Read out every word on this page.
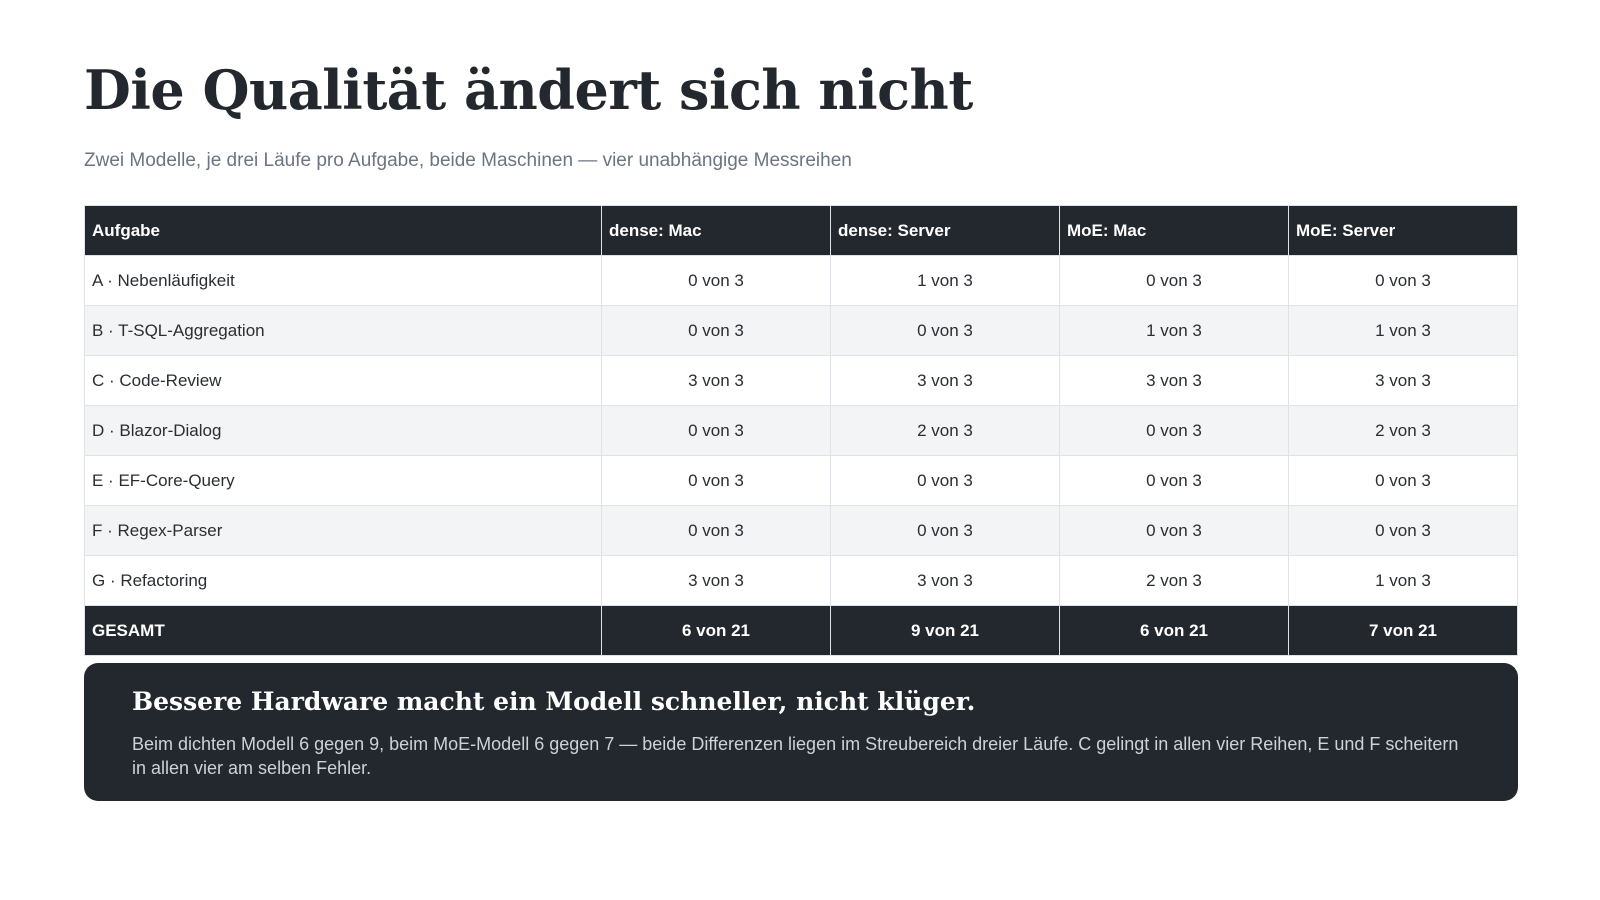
Die Qualität ändert sich nicht

Zwei Modelle, je drei Läufe pro Aufgabe, beide Maschinen — vier unabhängige Messreihen

Aufgabe	dense: Mac	dense: Server	MoE: Mac	MoE: Server
A · Nebenläufigkeit	0 von 3	1 von 3	0 von 3	0 von 3
B · T-SQL-Aggregation	0 von 3	0 von 3	1 von 3	1 von 3
C · Code-Review	3 von 3	3 von 3	3 von 3	3 von 3
D · Blazor-Dialog	0 von 3	2 von 3	0 von 3	2 von 3
E · EF-Core-Query	0 von 3	0 von 3	0 von 3	0 von 3
F · Regex-Parser	0 von 3	0 von 3	0 von 3	0 von 3
G · Refactoring	3 von 3	3 von 3	2 von 3	1 von 3
GESAMT	6 von 21	9 von 21	6 von 21	7 von 21

Bessere Hardware macht ein Modell schneller, nicht klüger.

Beim dichten Modell 6 gegen 9, beim MoE-Modell 6 gegen 7 — beide Differenzen liegen im Streubereich dreier Läufe. C gelingt in allen vier Reihen, E und F scheitern in allen vier am selben Fehler.
